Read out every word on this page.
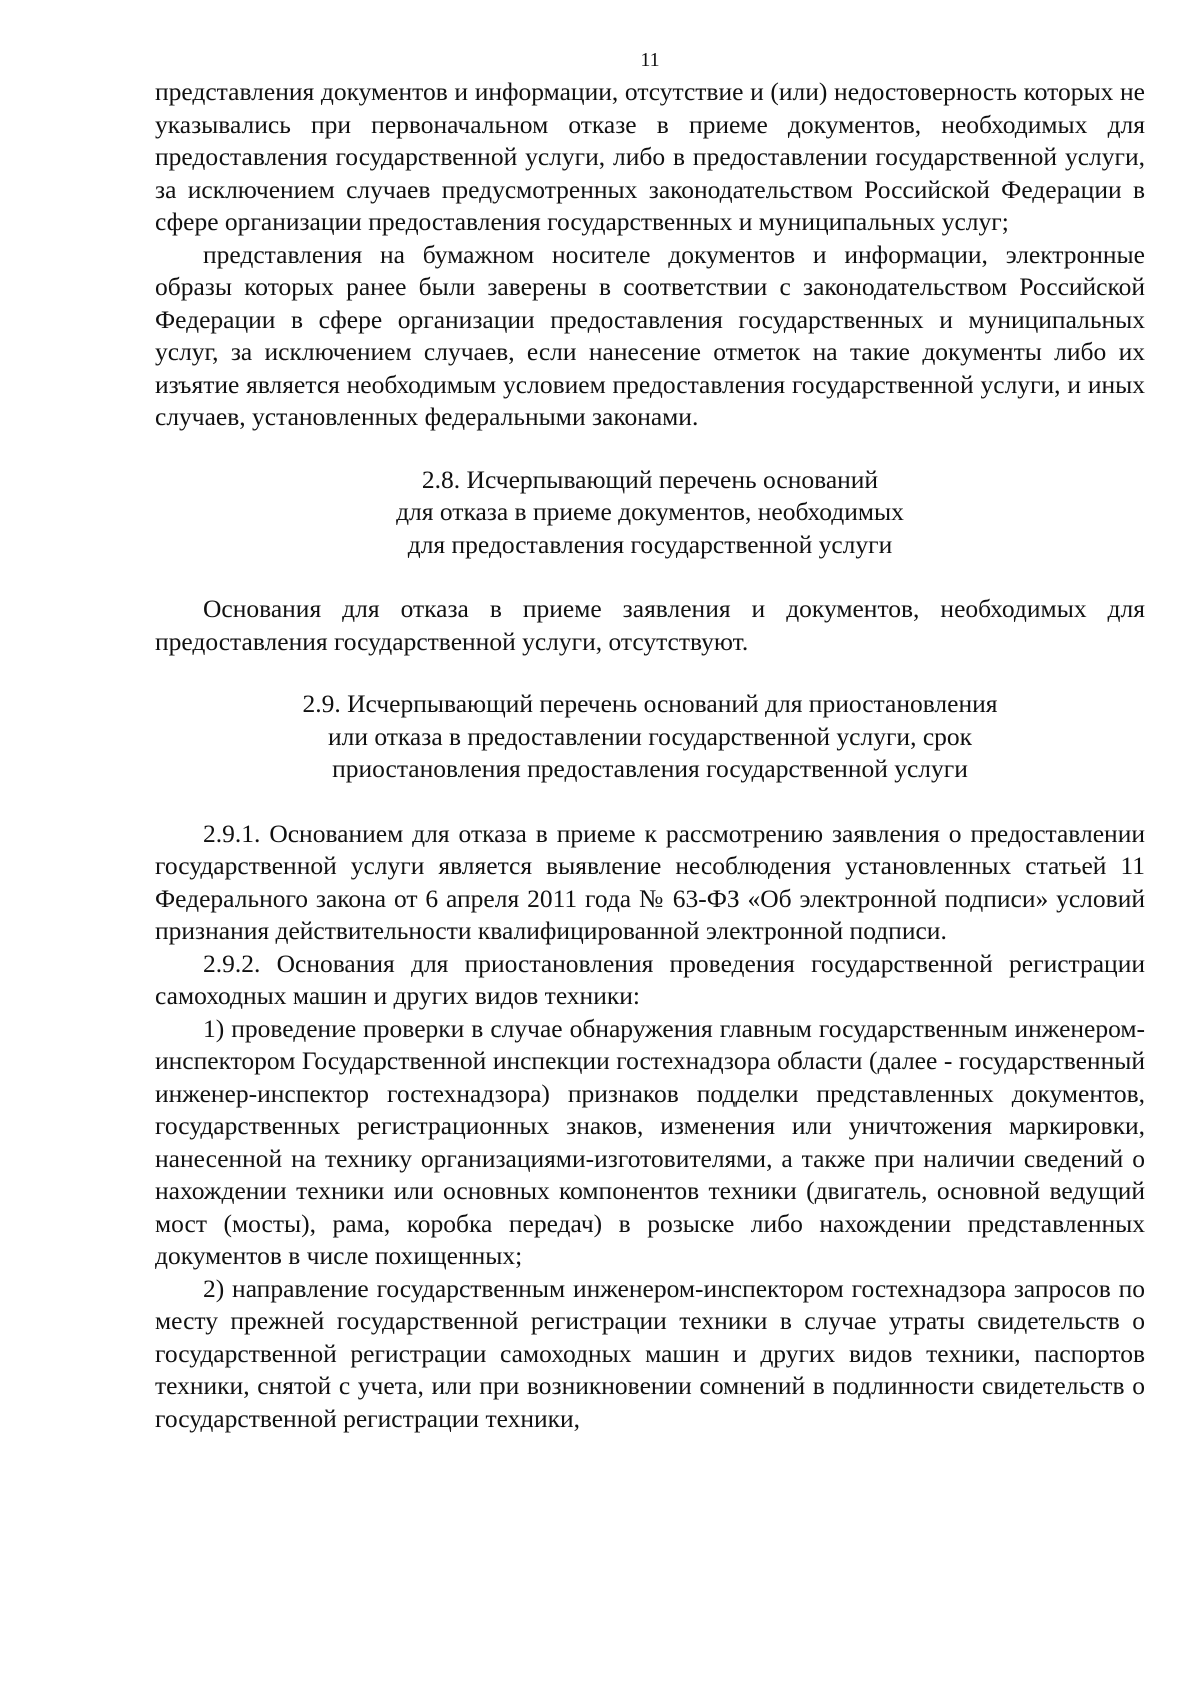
11

представления документов и информации, отсутствие и (или) недостоверность которых не указывались при первоначальном отказе в приеме документов, необходимых для предоставления государственной услуги, либо в предоставлении государственной услуги, за исключением случаев предусмотренных законодательством Российской Федерации в сфере организации предоставления государственных и муниципальных услуг;

представления на бумажном носителе документов и информации, электронные образы которых ранее были заверены в соответствии с законодательством Российской Федерации в сфере организации предоставления государственных и муниципальных услуг, за исключением случаев, если нанесение отметок на такие документы либо их изъятие является необходимым условием предоставления государственной услуги, и иных случаев, установленных федеральными законами.

2.8. Исчерпывающий перечень оснований
для отказа в приеме документов, необходимых
для предоставления государственной услуги

Основания для отказа в приеме заявления и документов, необходимых для предоставления государственной услуги, отсутствуют.

2.9. Исчерпывающий перечень оснований для приостановления
или отказа в предоставлении государственной услуги, срок
приостановления предоставления государственной услуги

2.9.1. Основанием для отказа в приеме к рассмотрению заявления о предоставлении государственной услуги является выявление несоблюдения установленных статьей 11 Федерального закона от 6 апреля 2011 года № 63-ФЗ «Об электронной подписи» условий признания действительности квалифицированной электронной подписи.

2.9.2. Основания для приостановления проведения государственной регистрации самоходных машин и других видов техники:

1) проведение проверки в случае обнаружения главным государственным инженером-инспектором Государственной инспекции гостехнадзора области (далее - государственный инженер-инспектор гостехнадзора) признаков подделки представленных документов, государственных регистрационных знаков, изменения или уничтожения маркировки, нанесенной на технику организациями-изготовителями, а также при наличии сведений о нахождении техники или основных компонентов техники (двигатель, основной ведущий мост (мосты), рама, коробка передач) в розыске либо нахождении представленных документов в числе похищенных;

2) направление государственным инженером-инспектором гостехнадзора запросов по месту прежней государственной регистрации техники в случае утраты свидетельств о государственной регистрации самоходных машин и других видов техники, паспортов техники, снятой с учета, или при возникновении сомнений в подлинности свидетельств о государственной регистрации техники,
